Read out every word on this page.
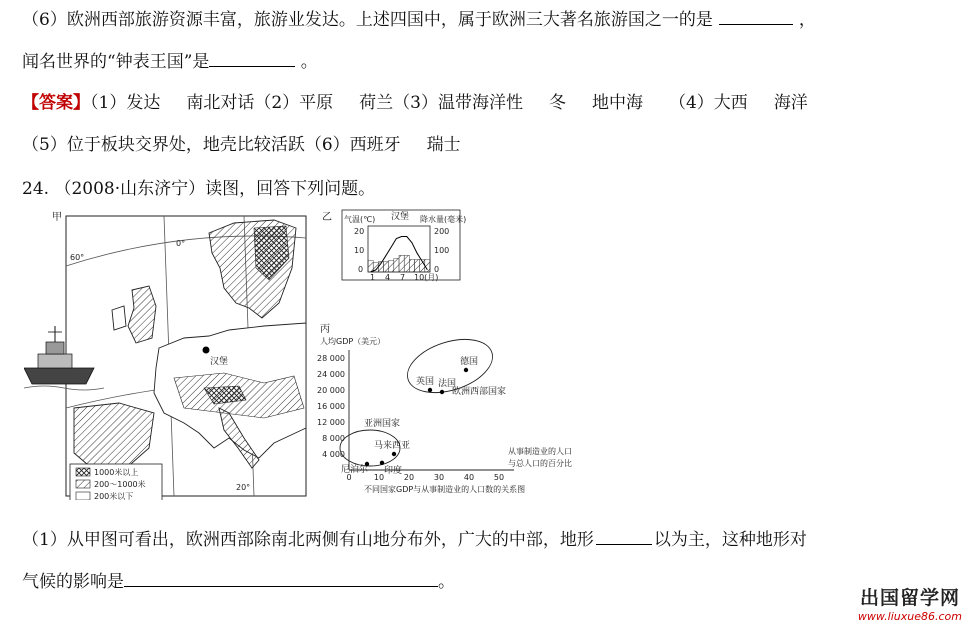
（6）欧洲西部旅游资源丰富，旅游业发达。上述四国中，属于欧洲三大著名旅游国之一的是	，
闻名世界的“钟表王国”是	。
【答案】（1）发达 南北对话（2）平原 荷兰（3）温带海洋性 冬 地中海 （4）大西 海洋
（5）位于板块交界处，地壳比较活跃（6）西班牙 瑞士
24. （2008·山东济宁）读图，回答下列问题。
甲
60°
0°
20°
汉堡
1000米以上
200～1000米
200米以下
乙	汉堡
气温(℃)	降水量(毫米)
20
10
0
200
100
0
1 4 7 10(月)
丙
人均GDP（美元）
28 000
24 000
20 000
16 000
12 000
8 000
4 000
0	10 20 30 40 50
从事制造业的人口
与总人口的百分比
欧洲西部国家
亚洲国家
德国
英国 法国
马来西亚
尼泊尔 印度
不同国家GDP与从事制造业的人口数的关系图
（1）从甲图可看出，欧洲西部除南北两侧有山地分布外，广大的中部，地形	以为主，这种地形对
气候的影响是	。
出国留学网
www.liuxue86.com
